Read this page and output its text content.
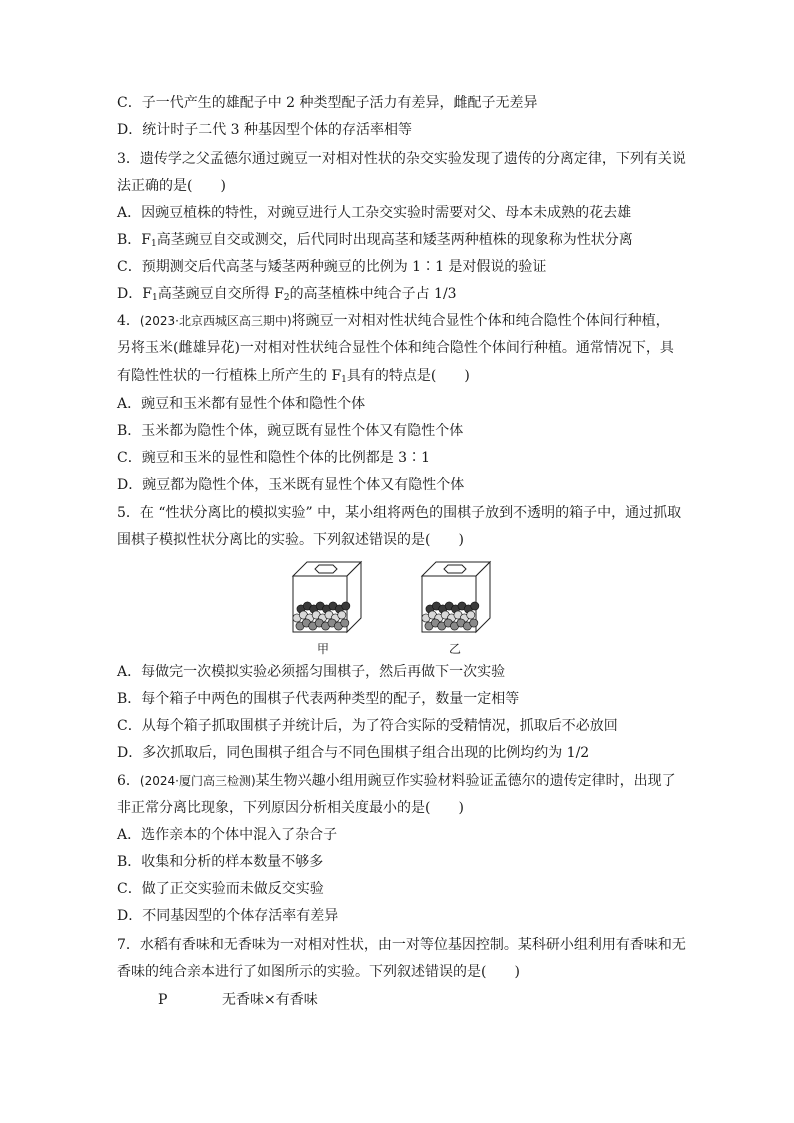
C．子一代产生的雄配子中 2 种类型配子活力有差异，雌配子无差异
D．统计时子二代 3 种基因型个体的存活率相等
3．遗传学之父孟德尔通过豌豆一对相对性状的杂交实验发现了遗传的分离定律，下列有关说
法正确的是(　　)
A．因豌豆植株的特性，对豌豆进行人工杂交实验时需要对父、母本未成熟的花去雄
B．$F_1$高茎豌豆自交或测交，后代同时出现高茎和矮茎两种植株的现象称为性状分离
C．预期测交后代高茎与矮茎两种豌豆的比例为 1∶1 是对假说的验证
D．$F_1$高茎豌豆自交所得 $F_2$的高茎植株中纯合子占 1/3
4．(2023·北京西城区高三期中)将豌豆一对相对性状纯合显性个体和纯合隐性个体间行种植，
另将玉米(雌雄异花)一对相对性状纯合显性个体和纯合隐性个体间行种植。通常情况下，具
有隐性性状的一行植株上所产生的 $F_1$具有的特点是(　　)
A．豌豆和玉米都有显性个体和隐性个体
B．玉米都为隐性个体，豌豆既有显性个体又有隐性个体
C．豌豆和玉米的显性和隐性个体的比例都是 3∶1
D．豌豆都为隐性个体，玉米既有显性个体又有隐性个体
5．在 “性状分离比的模拟实验” 中，某小组将两色的围棋子放到不透明的箱子中，通过抓取
围棋子模拟性状分离比的实验。下列叙述错误的是(　　)
甲	乙
A．每做完一次模拟实验必须摇匀围棋子，然后再做下一次实验
B．每个箱子中两色的围棋子代表两种类型的配子，数量一定相等
C．从每个箱子抓取围棋子并统计后，为了符合实际的受精情况，抓取后不必放回
D．多次抓取后，同色围棋子组合与不同色围棋子组合出现的比例均约为 1/2
6．(2024·厦门高三检测)某生物兴趣小组用豌豆作实验材料验证孟德尔的遗传定律时，出现了
非正常分离比现象，下列原因分析相关度最小的是(　　)
A．选作亲本的个体中混入了杂合子
B．收集和分析的样本数量不够多
C．做了正交实验而未做反交实验
D．不同基因型的个体存活率有差异
7．水稻有香味和无香味为一对相对性状，由一对等位基因控制。某科研小组利用有香味和无
香味的纯合亲本进行了如图所示的实验。下列叙述错误的是(　　)
P	无香味×有香味
